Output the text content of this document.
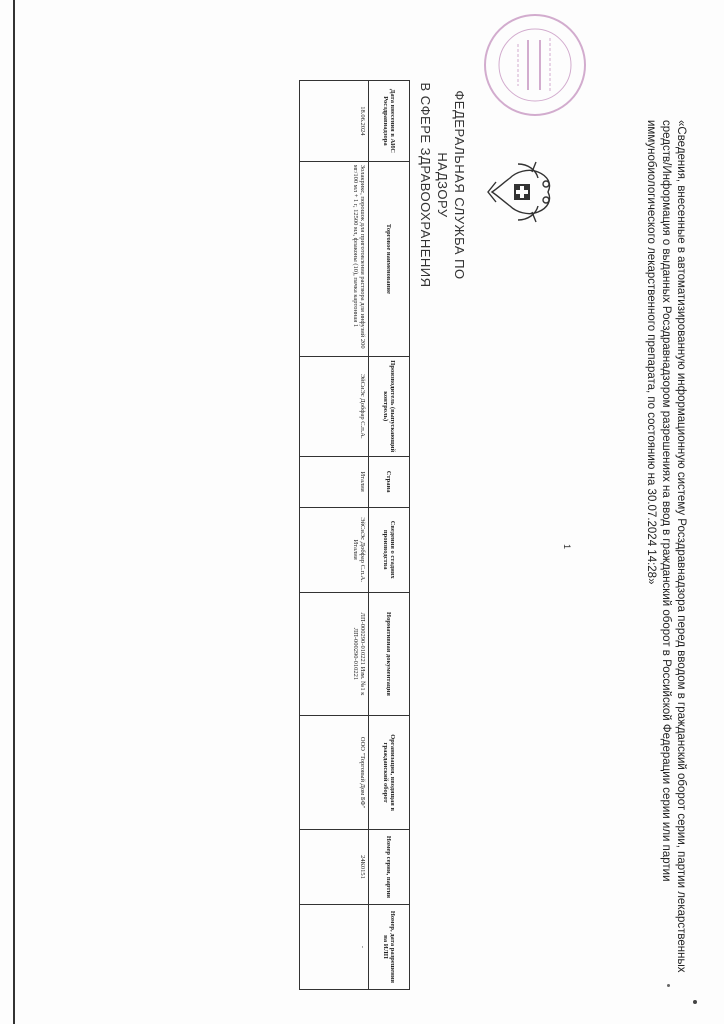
«Сведения, внесенные в автоматизированную информационную систему Росздравнадзора перед вводом в гражданский оборот серии, партии лекарственных средств/Информация о выданных Росздравнадзором разрешениях на ввод в гражданский оборот в Российской Федерации серии или партии иммунобиологического лекарственного препарата, по состоянию на 30.07.2024 14:28»
ФЕДЕРАЛЬНАЯ СЛУЖБА ПО НАДЗОРУ
В СФЕРЕ ЗДРАВООХРАНЕНИЯ
Дата внесения в АИС Росздравнадзора	Торговое наименование	Производитель (выпускающий контроль)	Страна	Сведения о стадиях производства	Нормативная документация	Организация, вводящая в гражданский оборот	Номер серии, партии	Номер, дата разрешения на ИЛП
18.06.2024	Золакрикс, порошок для приготовления раствора для инфузий 200 мг/100 мл + 1 г, 12500 мл, флаконы (10), пачка картонная 1	ЭйСиЭс Добфар С.п.А.	Италия	ЭйСиЭс Добфар С.п.А. Италия	ЛП-000290-010221 Изм. №1 к ЛП-000290-010221	ООО "Торговый Дом БФ"	24К0151	-
1
